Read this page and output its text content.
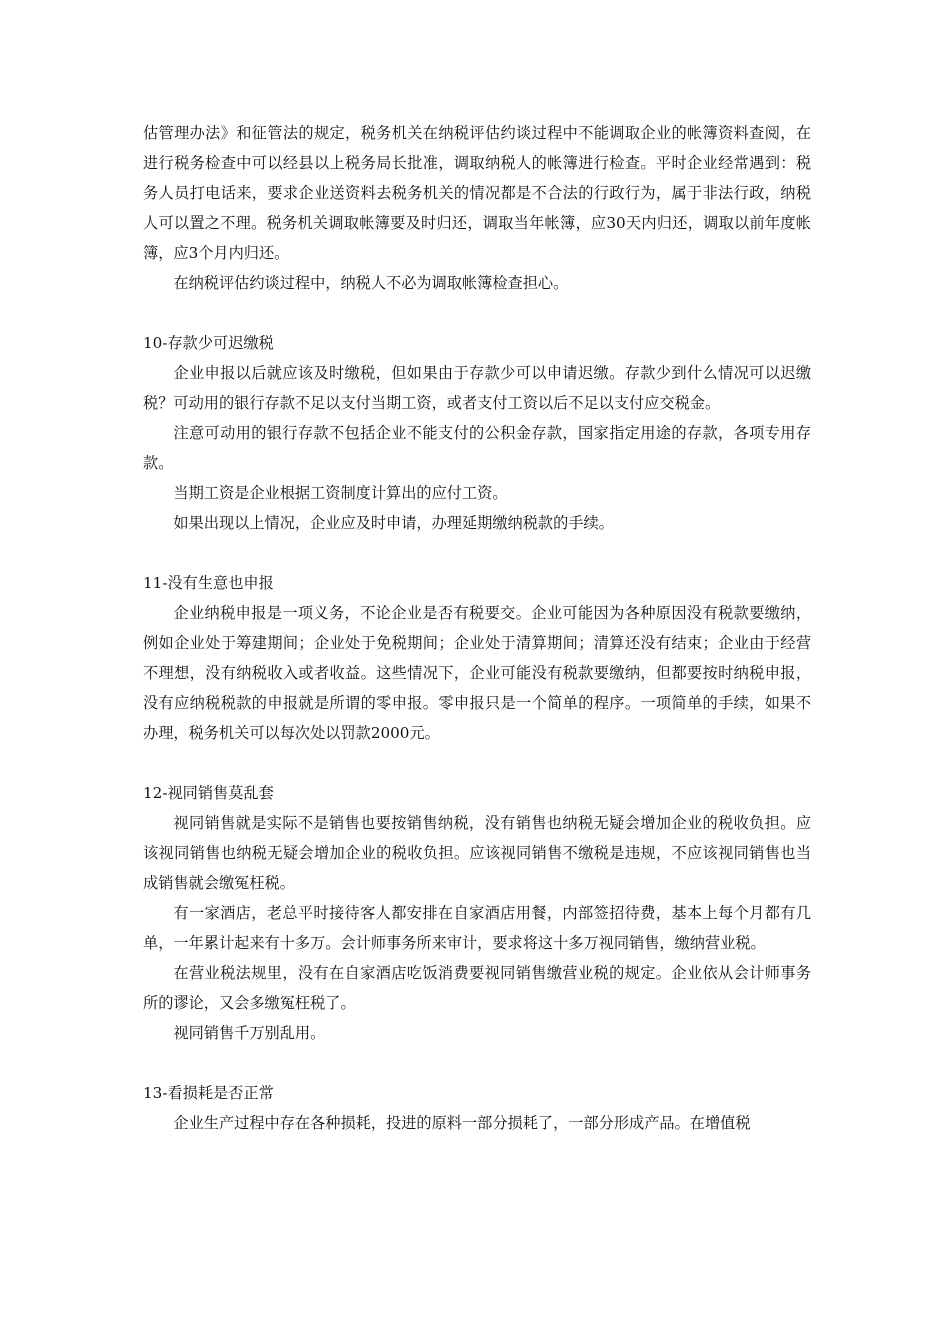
估管理办法》和征管法的规定，税务机关在纳税评估约谈过程中不能调取企业的帐簿资料查阅，在进行税务检查中可以经县以上税务局长批准，调取纳税人的帐簿进行检查。平时企业经常遇到：税务人员打电话来，要求企业送资料去税务机关的情况都是不合法的行政行为，属于非法行政，纳税人可以置之不理。税务机关调取帐簿要及时归还，调取当年帐簿，应30天内归还，调取以前年度帐簿，应3个月内归还。

在纳税评估约谈过程中，纳税人不必为调取帐簿检查担心。

10-存款少可迟缴税

企业申报以后就应该及时缴税，但如果由于存款少可以申请迟缴。存款少到什么情况可以迟缴税？可动用的银行存款不足以支付当期工资，或者支付工资以后不足以支付应交税金。

注意可动用的银行存款不包括企业不能支付的公积金存款，国家指定用途的存款，各项专用存款。

当期工资是企业根据工资制度计算出的应付工资。

如果出现以上情况，企业应及时申请，办理延期缴纳税款的手续。

11-没有生意也申报

企业纳税申报是一项义务，不论企业是否有税要交。企业可能因为各种原因没有税款要缴纳，例如企业处于筹建期间；企业处于免税期间；企业处于清算期间；清算还没有结束；企业由于经营不理想，没有纳税收入或者收益。这些情况下，企业可能没有税款要缴纳，但都要按时纳税申报，没有应纳税税款的申报就是所谓的零申报。零申报只是一个简单的程序。一项简单的手续，如果不办理，税务机关可以每次处以罚款2000元。

12-视同销售莫乱套

视同销售就是实际不是销售也要按销售纳税，没有销售也纳税无疑会增加企业的税收负担。应该视同销售也纳税无疑会增加企业的税收负担。应该视同销售不缴税是违规，不应该视同销售也当成销售就会缴冤枉税。

有一家酒店，老总平时接待客人都安排在自家酒店用餐，内部签招待费，基本上每个月都有几单，一年累计起来有十多万。会计师事务所来审计，要求将这十多万视同销售，缴纳营业税。

在营业税法规里，没有在自家酒店吃饭消费要视同销售缴营业税的规定。企业依从会计师事务所的谬论，又会多缴冤枉税了。

视同销售千万别乱用。

13-看损耗是否正常

企业生产过程中存在各种损耗，投进的原料一部分损耗了，一部分形成产品。在增值税
